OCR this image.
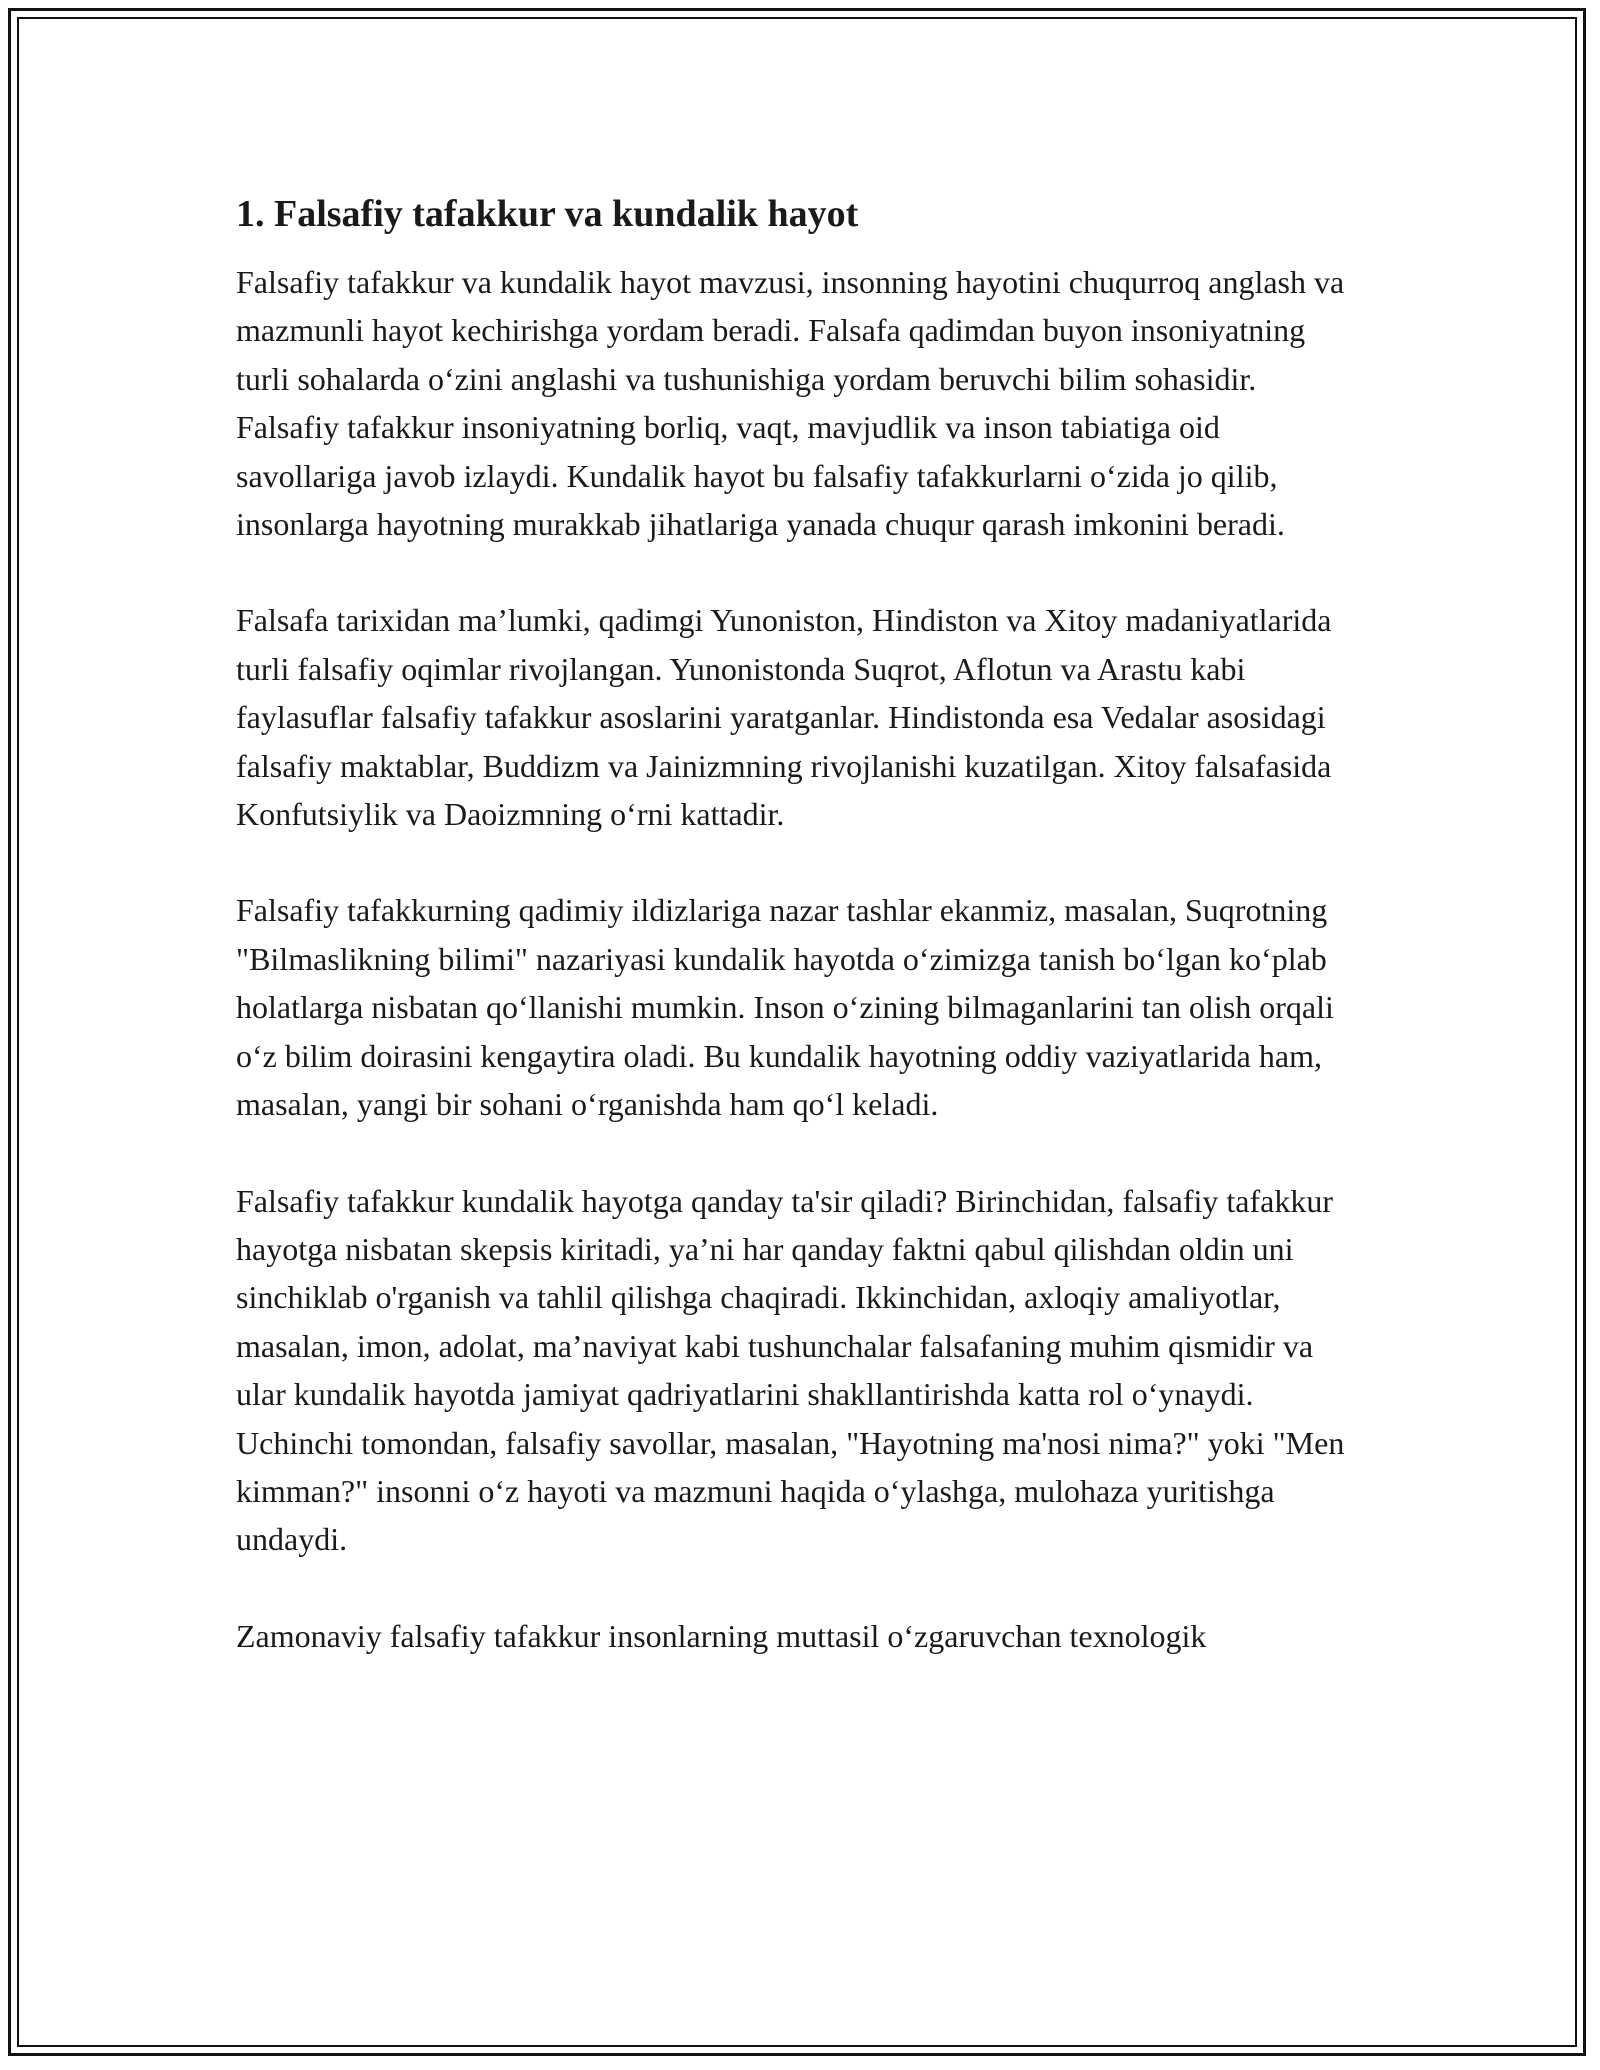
1. Falsafiy tafakkur va kundalik hayot

Falsafiy tafakkur va kundalik hayot mavzusi, insonning hayotini chuqurroq anglash va mazmunli hayot kechirishga yordam beradi. Falsafa qadimdan buyon insoniyatning turli sohalarda o‘zini anglashi va tushunishiga yordam beruvchi bilim sohasidir. Falsafiy tafakkur insoniyatning borliq, vaqt, mavjudlik va inson tabiatiga oid savollariga javob izlaydi. Kundalik hayot bu falsafiy tafakkurlarni o‘zida jo qilib, insonlarga hayotning murakkab jihatlariga yanada chuqur qarash imkonini beradi.

Falsafa tarixidan ma’lumki, qadimgi Yunoniston, Hindiston va Xitoy madaniyatlarida turli falsafiy oqimlar rivojlangan. Yunonistonda Suqrot, Aflotun va Arastu kabi faylasuflar falsafiy tafakkur asoslarini yaratganlar. Hindistonda esa Vedalar asosidagi falsafiy maktablar, Buddizm va Jainizmning rivojlanishi kuzatilgan. Xitoy falsafasida Konfutsiylik va Daoizmning o‘rni kattadir.

Falsafiy tafakkurning qadimiy ildizlariga nazar tashlar ekanmiz, masalan, Suqrotning "Bilmaslikning bilimi" nazariyasi kundalik hayotda o‘zimizga tanish bo‘lgan ko‘plab holatlarga nisbatan qo‘llanishi mumkin. Inson o‘zining bilmaganlarini tan olish orqali o‘z bilim doirasini kengaytira oladi. Bu kundalik hayotning oddiy vaziyatlarida ham, masalan, yangi bir sohani o‘rganishda ham qo‘l keladi.

Falsafiy tafakkur kundalik hayotga qanday ta'sir qiladi? Birinchidan, falsafiy tafakkur hayotga nisbatan skepsis kiritadi, ya’ni har qanday faktni qabul qilishdan oldin uni sinchiklab o'rganish va tahlil qilishga chaqiradi. Ikkinchidan, axloqiy amaliyotlar, masalan, imon, adolat, ma’naviyat kabi tushunchalar falsafaning muhim qismidir va ular kundalik hayotda jamiyat qadriyatlarini shakllantirishda katta rol o‘ynaydi. Uchinchi tomondan, falsafiy savollar, masalan, "Hayotning ma'nosi nima?" yoki "Men kimman?" insonni o‘z hayoti va mazmuni haqida o‘ylashga, mulohaza yuritishga undaydi.

Zamonaviy falsafiy tafakkur insonlarning muttasil o‘zgaruvchan texnologik
